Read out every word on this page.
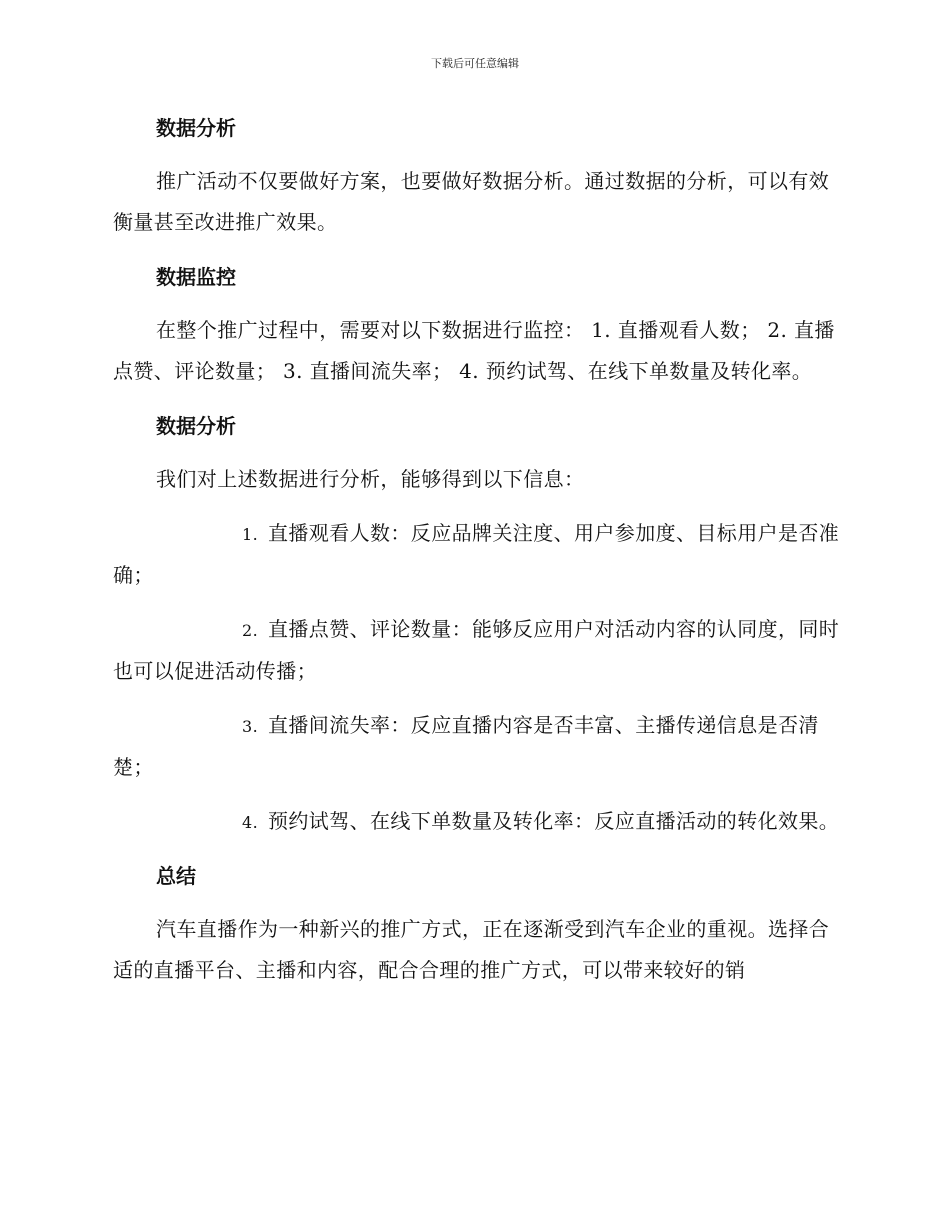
下载后可任意编辑
数据分析

推广活动不仅要做好方案，也要做好数据分析。通过数据的分析，可以有效衡量甚至改进推广效果。

数据监控

在整个推广过程中，需要对以下数据进行监控： 1. 直播观看人数； 2. 直播点赞、评论数量； 3. 直播间流失率； 4. 预约试驾、在线下单数量及转化率。

数据分析

我们对上述数据进行分析，能够得到以下信息：

1. 直播观看人数：反应品牌关注度、用户参加度、目标用户是否准确；

2. 直播点赞、评论数量：能够反应用户对活动内容的认同度，同时也可以促进活动传播；

3. 直播间流失率：反应直播内容是否丰富、主播传递信息是否清楚；

4. 预约试驾、在线下单数量及转化率：反应直播活动的转化效果。

总结

汽车直播作为一种新兴的推广方式，正在逐渐受到汽车企业的重视。选择合适的直播平台、主播和内容，配合合理的推广方式，可以带来较好的销
